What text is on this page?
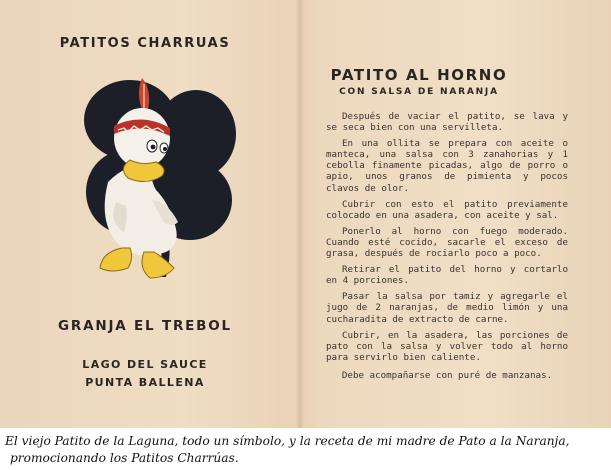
PATITOS CHARRUAS
GRANJA EL TREBOL
LAGO DEL SAUCE
PUNTA BALLENA
PATITO AL HORNO
CON SALSA DE NARANJA

Después de vaciar el patito, se lava y se seca bien con una servilleta.

En una ollita se prepara con aceite o manteca, una salsa con 3 zanahorias y 1 cebolla finamente picadas, algo de porro o apio, unos granos de pimienta y pocos clavos de olor.

Cubrir con esto el patito previamente colocado en una asadera, con aceite y sal.

Ponerlo al horno con fuego moderado. Cuando esté cocido, sacarle el exceso de grasa, después de rociarlo poco a poco.

Retirar el patito del horno y cortarlo en 4 porciones.

Pasar la salsa por tamiz y agregarle el jugo de 2 naranjas, de medio limón y una cucharadita de extracto de carne.

Cubrir, en la asadera, las porciones de pato con la salsa y volver todo al horno para servirlo bien caliente.

Debe acompañarse con puré de manzanas.

El viejo Patito de la Laguna, todo un símbolo, y la receta de mi madre de Pato a la Naranja,
promocionando los Patitos Charrúas.
